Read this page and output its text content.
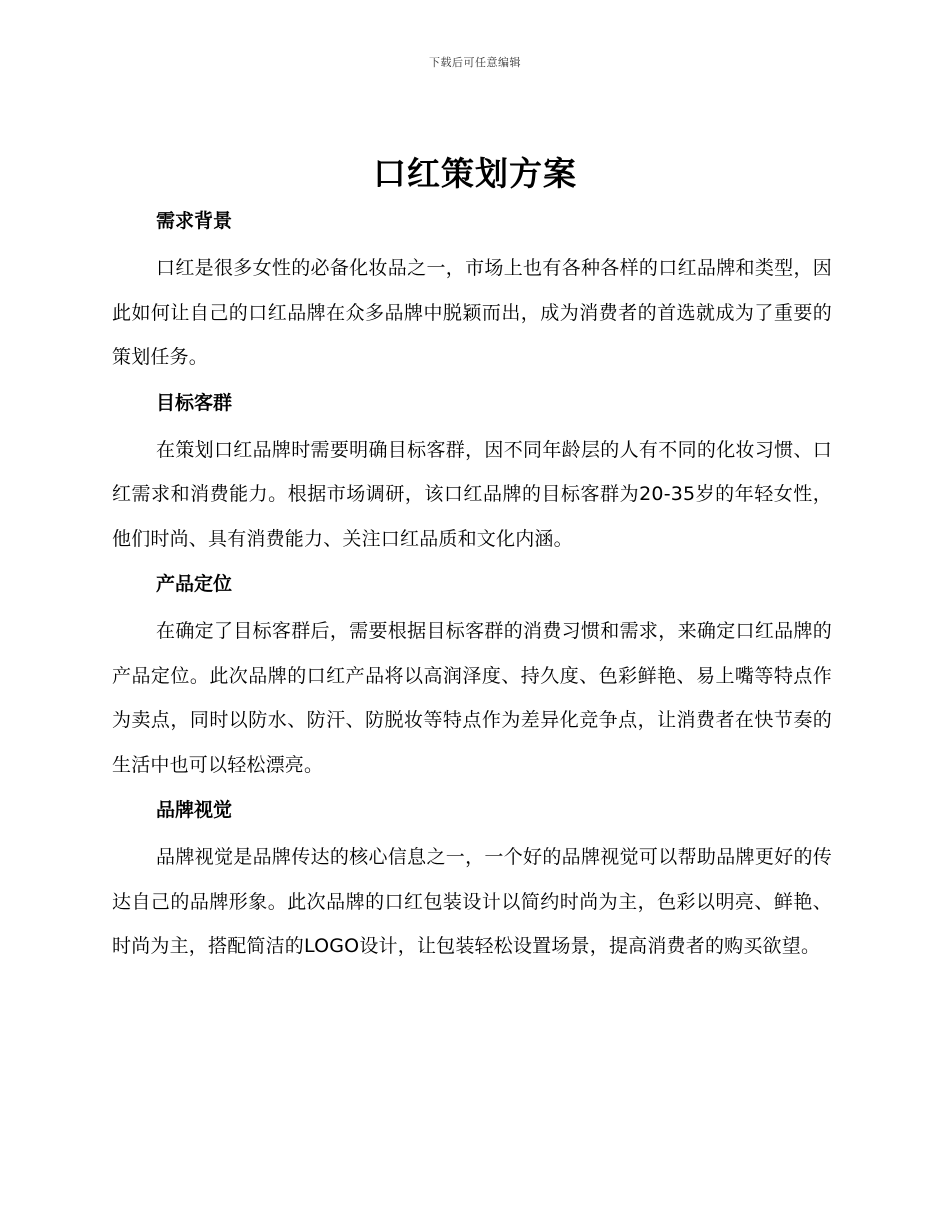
下载后可任意编辑
口红策划方案
需求背景

口红是很多女性的必备化妆品之一，市场上也有各种各样的口红品牌和类型，因此如何让自己的口红品牌在众多品牌中脱颖而出，成为消费者的首选就成为了重要的策划任务。

目标客群

在策划口红品牌时需要明确目标客群，因不同年龄层的人有不同的化妆习惯、口红需求和消费能力。根据市场调研，该口红品牌的目标客群为20-35岁的年轻女性，他们时尚、具有消费能力、关注口红品质和文化内涵。

产品定位

在确定了目标客群后，需要根据目标客群的消费习惯和需求，来确定口红品牌的产品定位。此次品牌的口红产品将以高润泽度、持久度、色彩鲜艳、易上嘴等特点作为卖点，同时以防水、防汗、防脱妆等特点作为差异化竞争点，让消费者在快节奏的生活中也可以轻松漂亮。

品牌视觉

品牌视觉是品牌传达的核心信息之一，一个好的品牌视觉可以帮助品牌更好的传达自己的品牌形象。此次品牌的口红包装设计以简约时尚为主，色彩以明亮、鲜艳、时尚为主，搭配简洁的LOGO设计，让包装轻松设置场景，提高消费者的购买欲望。
